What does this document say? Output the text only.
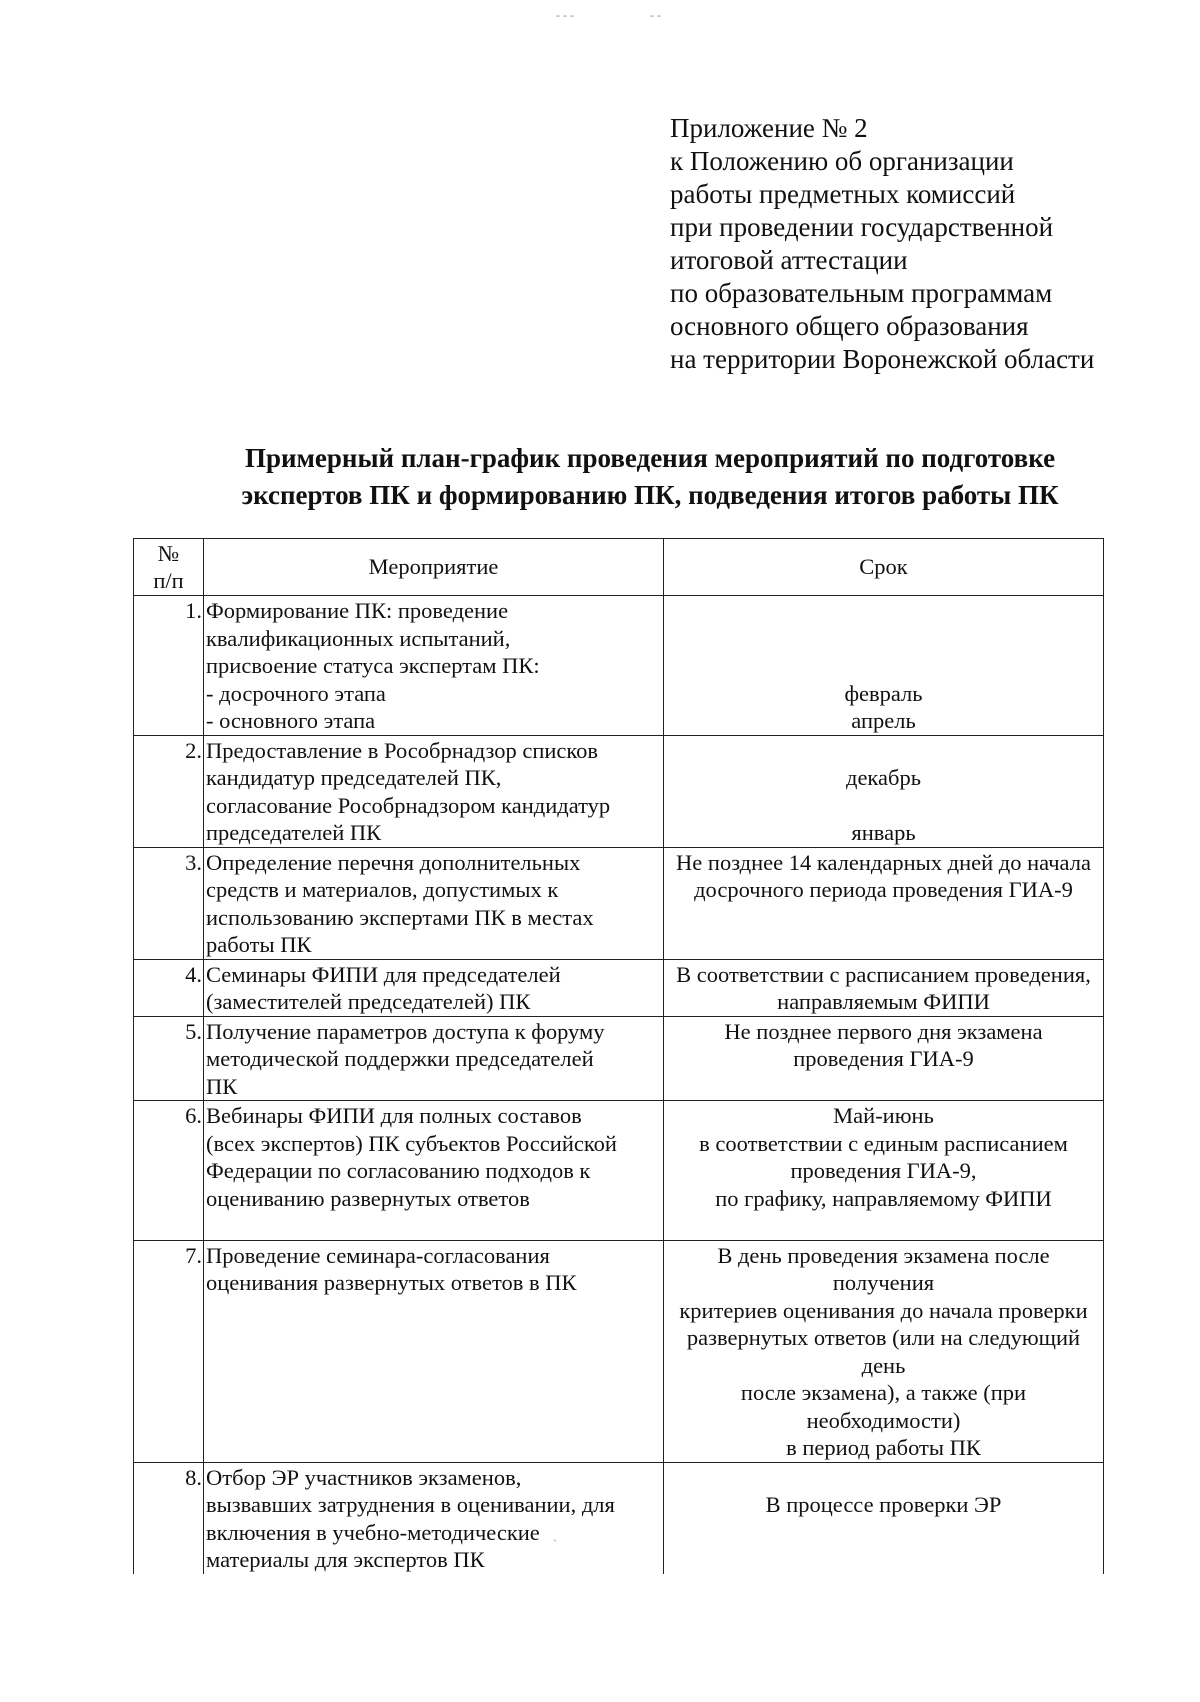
- - -	- -
Приложение № 2
к Положению об организации
работы предметных комиссий
при проведении государственной
итоговой аттестации
по образовательным программам
основного общего образования
на территории Воронежской области
Примерный план-график проведения мероприятий по подготовке
экспертов ПК и формированию ПК, подведения итогов работы ПК
№
п/п	Мероприятие	Срок
1.	Формирование ПК: проведение
квалификационных испытаний,
присвоение статуса экспертам ПК:
- досрочного этапа
- основного этапа	февраль
апрель

2.	Предоставление в Рособрнадзор списков
кандидатур председателей ПК,
согласование Рособрнадзором кандидатур
председателей ПК	декабрь
январь

3.	Определение перечня дополнительных
средств и материалов, допустимых к
использованию экспертами ПК в местах
работы ПК	Не позднее 14 календарных дней до начала
досрочного периода проведения ГИА-9

4.	Семинары ФИПИ для председателей
(заместителей председателей) ПК	В соответствии с расписанием проведения,
направляемым ФИПИ

5.	Получение параметров доступа к форуму
методической поддержки председателей
ПК	Не позднее первого дня экзамена
проведения ГИА-9

6.	Вебинары ФИПИ для полных составов
(всех экспертов) ПК субъектов Российской
Федерации по согласованию подходов к
оцениванию развернутых ответов	Май-июнь
в соответствии с единым расписанием
проведения ГИА-9,
по графику, направляемому ФИПИ

7.	Проведение семинара-согласования
оценивания развернутых ответов в ПК	В день проведения экзамена после получения
критериев оценивания до начала проверки
развернутых ответов (или на следующий день
после экзамена), а также (при необходимости)
в период работы ПК

8.	Отбор ЭР участников экзаменов,
вызвавших затруднения в оценивании, для
включения в учебно-методические
материалы для экспертов ПК	В процессе проверки ЭР
`
